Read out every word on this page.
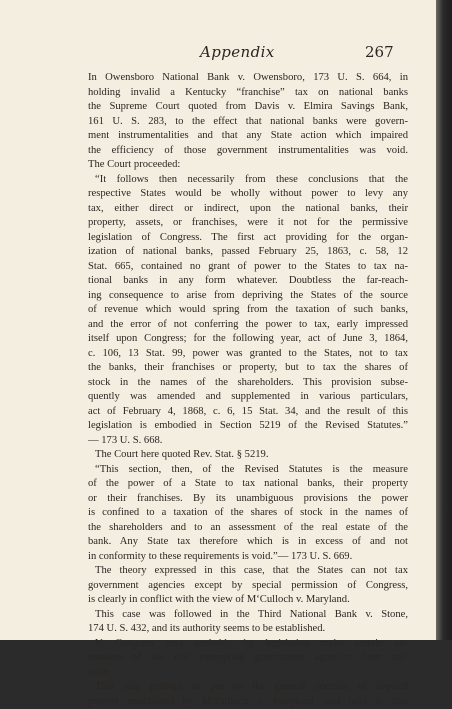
Appendix	267
In Owensboro National Bank v. Owensboro, 173 U. S. 664, in
holding invalid a Kentucky “franchise” tax on national banks
the Supreme Court quoted from Davis v. Elmira Savings Bank,
161 U. S. 283, to the effect that national banks were govern-
ment instrumentalities and that any State action which impaired
the efficiency of those government instrumentalities was void.
The Court proceeded:
“It follows then necessarily from these conclusions that the
respective States would be wholly without power to levy any
tax, either direct or indirect, upon the national banks, their
property, assets, or franchises, were it not for the permissive
legislation of Congress. The first act providing for the organ-
ization of national banks, passed February 25, 1863, c. 58, 12
Stat. 665, contained no grant of power to the States to tax na-
tional banks in any form whatever. Doubtless the far-reach-
ing consequence to arise from depriving the States of the source
of revenue which would spring from the taxation of such banks,
and the error of not conferring the power to tax, early impressed
itself upon Congress; for the following year, act of June 3, 1864,
c. 106, 13 Stat. 99, power was granted to the States, not to tax
the banks, their franchises or property, but to tax the shares of
stock in the names of the shareholders. This provision subse-
quently was amended and supplemented in various particulars,
act of February 4, 1868, c. 6, 15 Stat. 34, and the result of this
legislation is embodied in Section 5219 of the Revised Statutes.”
— 173 U. S. 668.
The Court here quoted Rev. Stat. § 5219.
“This section, then, of the Revised Statutes is the measure
of the power of a State to tax national banks, their property
or their franchises. By its unambiguous provisions the power
is confined to a taxation of the shares of stock in the names of
the shareholders and to an assessment of the real estate of the
bank. Any State tax therefore which is in excess of and not
in conformity to these requirements is void.”— 173 U. S. 669.
The theory expressed in this case, that the States can not tax
government agencies except by special permission of Congress,
is clearly in conflict with the view of M‘Culloch v. Maryland.
This case was followed in the Third National Bank v. Stone,
174 U. S. 432, and its authority seems to be established.
V. Congress may probably by legislation make certain ex-
tensions of the rule exempting government agencies from tax-
ation.
This may perhaps be put on the general doctrine of implied
powers established by M‘Culloch v. Maryland, and held in that
